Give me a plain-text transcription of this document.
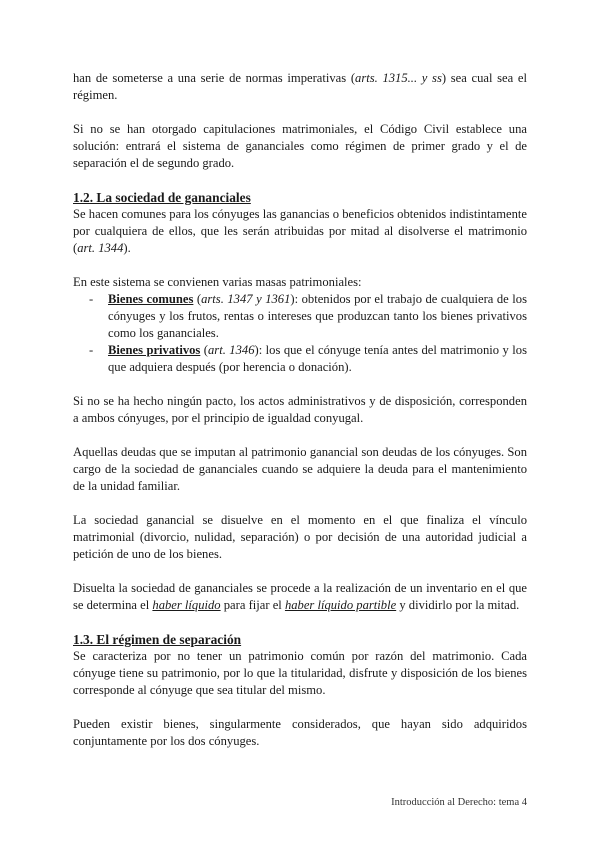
han de someterse a una serie de normas imperativas (arts. 1315... y ss) sea cual sea el régimen.

Si no se han otorgado capitulaciones matrimoniales, el Código Civil establece una solución: entrará el sistema de gananciales como régimen de primer grado y el de separación el de segundo grado.

1.2. La sociedad de gananciales

Se hacen comunes para los cónyuges las ganancias o beneficios obtenidos indistintamente por cualquiera de ellos, que les serán atribuidas por mitad al disolverse el matrimonio (art. 1344).

En este sistema se convienen varias masas patrimoniales:

- Bienes comunes (arts. 1347 y 1361): obtenidos por el trabajo de cualquiera de los cónyuges y los frutos, rentas o intereses que produzcan tanto los bienes privativos como los gananciales.
- Bienes privativos (art. 1346): los que el cónyuge tenía antes del matrimonio y los que adquiera después (por herencia o donación).

Si no se ha hecho ningún pacto, los actos administrativos y de disposición, corresponden a ambos cónyuges, por el principio de igualdad conyugal.

Aquellas deudas que se imputan al patrimonio ganancial son deudas de los cónyuges. Son cargo de la sociedad de gananciales cuando se adquiere la deuda para el mantenimiento de la unidad familiar.

La sociedad ganancial se disuelve en el momento en el que finaliza el vínculo matrimonial (divorcio, nulidad, separación) o por decisión de una autoridad judicial a petición de uno de los bienes.

Disuelta la sociedad de gananciales se procede a la realización de un inventario en el que se determina el haber líquido para fijar el haber líquido partible y dividirlo por la mitad.

1.3. El régimen de separación

Se caracteriza por no tener un patrimonio común por razón del matrimonio. Cada cónyuge tiene su patrimonio, por lo que la titularidad, disfrute y disposición de los bienes corresponde al cónyuge que sea titular del mismo.

Pueden existir bienes, singularmente considerados, que hayan sido adquiridos conjuntamente por los dos cónyuges.

Introducción al Derecho: tema 4
